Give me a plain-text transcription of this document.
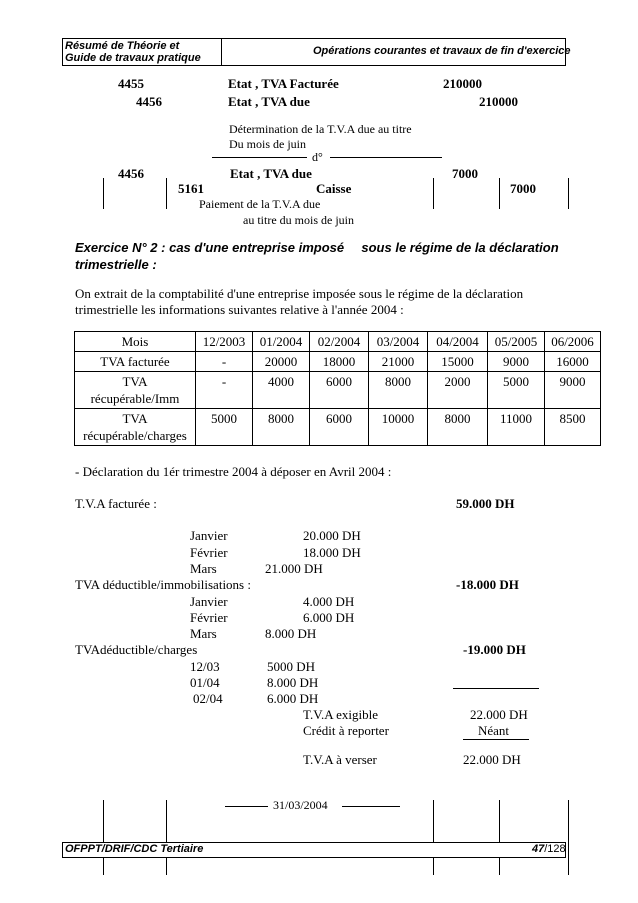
Résumé de Théorie et
Guide de travaux pratique
Opérations courantes et travaux de fin d'exercice
4455	Etat , TVA Facturée	210000
4456	Etat , TVA due	210000
Détermination de la T.V.A due au titre
Du mois de juin
d°
4456	Etat , TVA due	7000
5161	Caisse	7000
Paiement de la T.V.A due
au titre du mois de juin
Exercice N° 2 : cas d'une entreprise imposé sous le régime de la déclaration
trimestrielle :
On extrait de la comptabilité d'une entreprise imposée sous le régime de la déclaration
trimestrielle les informations suivantes relative à l'année 2004 :
Mois	12/2003	01/2004	02/2004	03/2004	04/2004	05/2005	06/2006
TVA facturée	-	20000	18000	21000	15000	9000	16000

TVA
récupérable/Imm	-	4000	6000	8000	2000	5000	9000

TVA
récupérable/charges	5000	8000	6000	10000	8000	11000	8500
- Déclaration du 1ér trimestre 2004 à déposer en Avril 2004 :
T.V.A facturée :	59.000 DH
Janvier	20.000 DH
Février	18.000 DH
Mars	21.000 DH
TVA déductible/immobilisations :	-18.000 DH
Janvier	4.000 DH
Février	6.000 DH
Mars	8.000 DH
TVAdéductible/charges	-19.000 DH
12/03	5000 DH
01/04	8.000 DH
02/04	6.000 DH
T.V.A exigible	22.000 DH
Crédit à reporter	Néant
T.V.A à verser	22.000 DH
31/03/2004
OFPPT/DRIF/CDC Tertiaire	47/128
